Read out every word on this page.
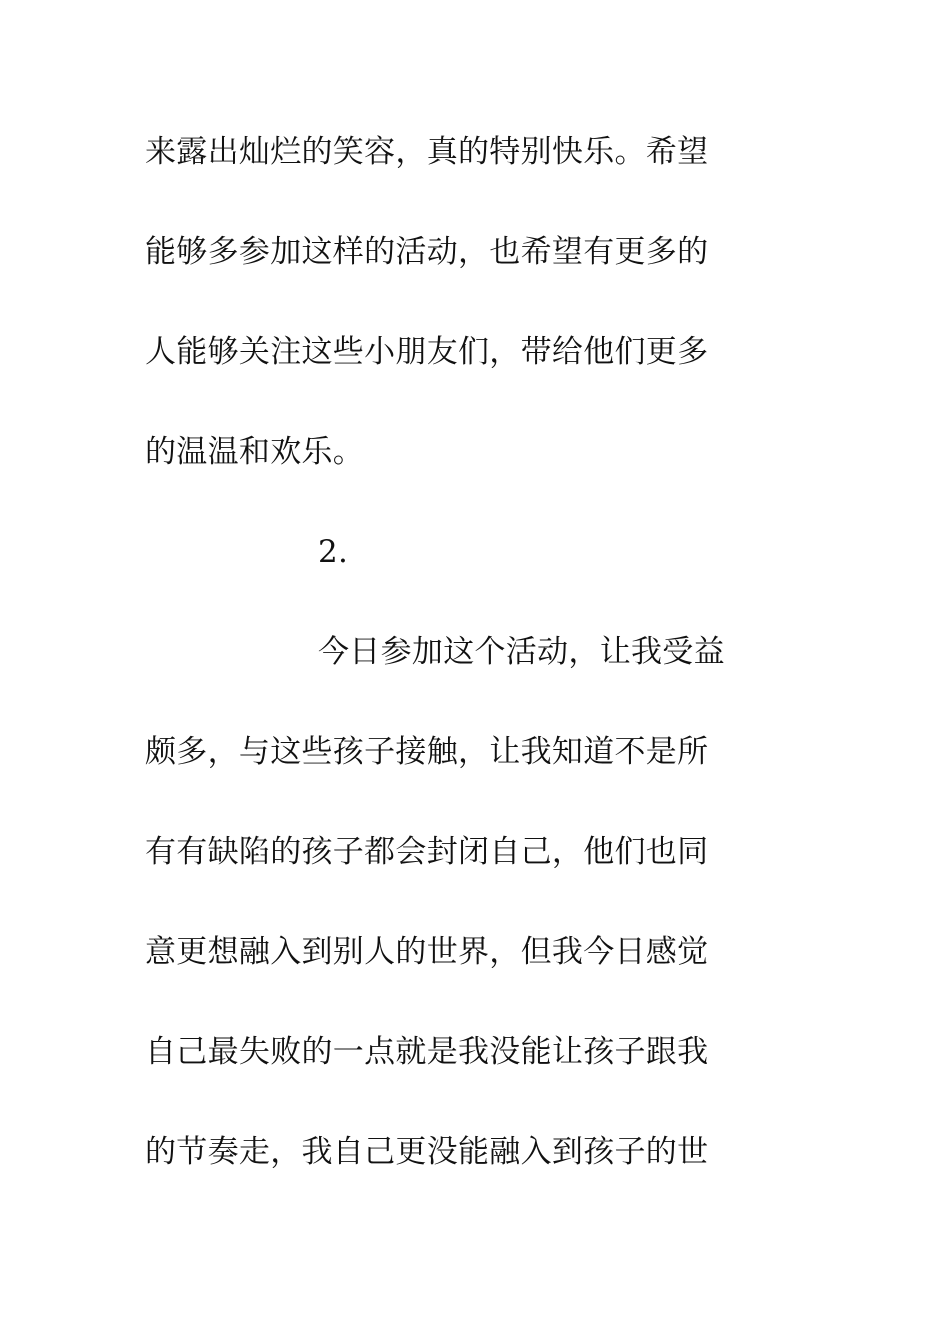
来露出灿烂的笑容，真的特别快乐。希望
能够多参加这样的活动，也希望有更多的
人能够关注这些小朋友们，带给他们更多
的温温和欢乐。
2.
今日参加这个活动，让我受益
颇多，与这些孩子接触，让我知道不是所
有有缺陷的孩子都会封闭自己，他们也同
意更想融入到别人的世界，但我今日感觉
自己最失败的一点就是我没能让孩子跟我
的节奏走，我自己更没能融入到孩子的世
